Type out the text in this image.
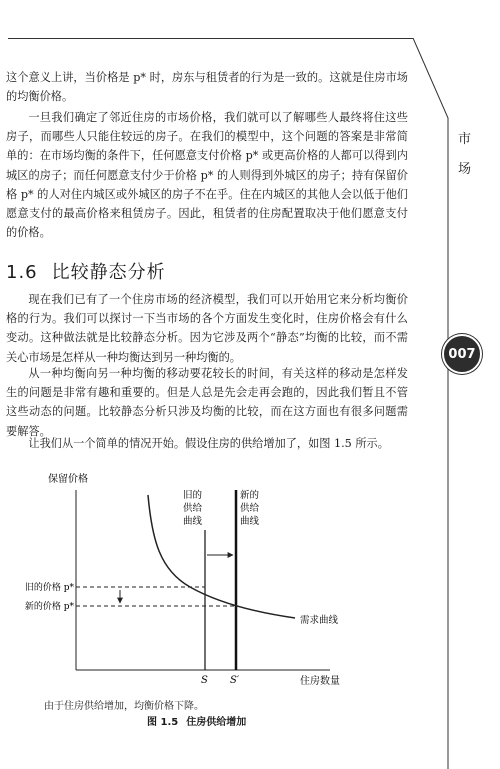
市
场
007

这个意义上讲，当价格是 p* 时，房东与租赁者的行为是一致的。这就是住房市场的均衡价格。

一旦我们确定了邻近住房的市场价格，我们就可以了解哪些人最终将住这些房子，而哪些人只能住较远的房子。在我们的模型中，这个问题的答案是非常简单的：在市场均衡的条件下，任何愿意支付价格 p* 或更高价格的人都可以得到内城区的房子；而任何愿意支付少于价格 p* 的人则得到外城区的房子；持有保留价格 p* 的人对住内城区或外城区的房子不在乎。住在内城区的其他人会以低于他们愿意支付的最高价格来租赁房子。因此，租赁者的住房配置取决于他们愿意支付的价格。

1.6 比较静态分析

现在我们已有了一个住房市场的经济模型，我们可以开始用它来分析均衡价格的行为。我们可以探讨一下当市场的各个方面发生变化时，住房价格会有什么变动。这种做法就是比较静态分析。因为它涉及两个“静态”均衡的比较，而不需关心市场是怎样从一种均衡达到另一种均衡的。

从一种均衡向另一种均衡的移动要花较长的时间，有关这样的移动是怎样发生的问题是非常有趣和重要的。但是人总是先会走再会跑的，因此我们暂且不管这些动态的问题。比较静态分析只涉及均衡的比较，而在这方面也有很多问题需要解答。

让我们从一个简单的情况开始。假设住房的供给增加了，如图 1.5 所示。

保留价格
住房数量
旧的价格 p*
新的价格 p*
旧的
供给
曲线
新的
供给
曲线
需求曲线
S S′
由于住房供给增加，均衡价格下降。
图 1.5 住房供给增加
